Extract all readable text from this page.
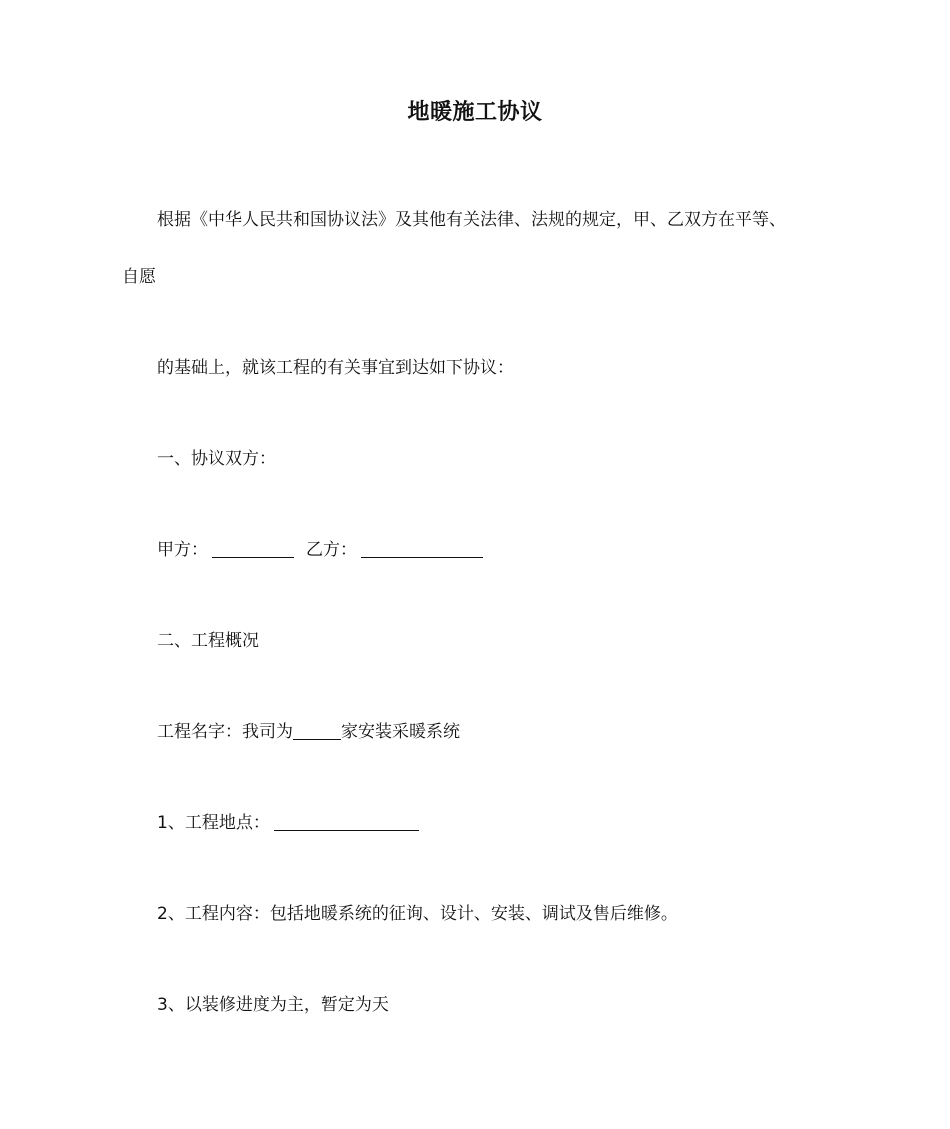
地暖施工协议
根据《中华人民共和国协议法》及其他有关法律、法规的规定，甲、乙双方在平等、
自愿
的基础上，就该工程的有关事宜到达如下协议：
一、协议双方：
甲方：	乙方：
二、工程概况
工程名字：我司为	家安装采暖系统
1、工程地点：
2、工程内容：包括地暖系统的征询、设计、安装、调试及售后维修。
3、以装修进度为主，暂定为天
